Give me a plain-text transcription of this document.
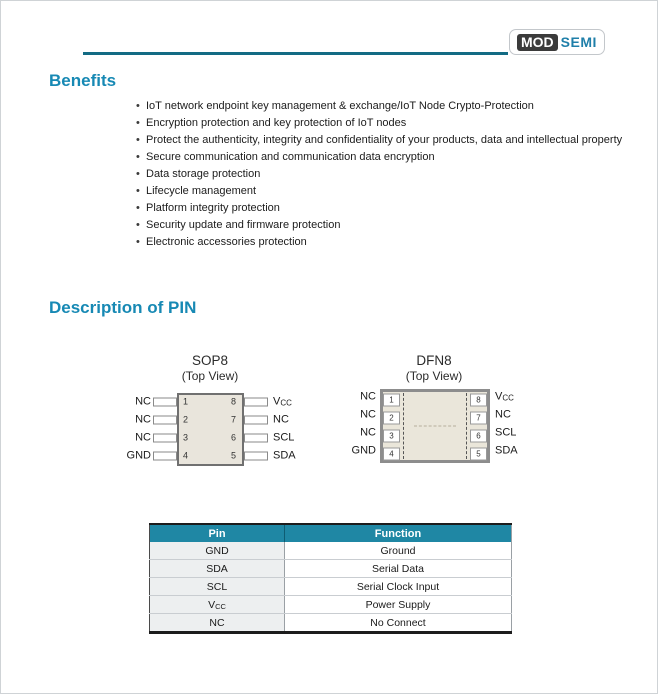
MOD SEMI
Benefits
• IoT network endpoint key management & exchange/IoT Node Crypto-Protection
• Encryption protection and key protection of IoT nodes
• Protect the authenticity, integrity and confidentiality of your products, data and intellectual property
• Secure communication and communication data encryption
• Data storage protection
• Lifecycle management
• Platform integrity protection
• Security update and firmware protection
• Electronic accessories protection
Description of PIN
SOP8
(Top View)
1
2
3
4
8
7
6
5
NC
NC
NC
GND
$V_{CC}$
NC
SCL
SDA
DFN8
(Top View)
1
2
3
4
8
7
6
5
NC
NC
NC
GND
$V_{CC}$
NC
SCL
SDA
Pin	Function
GND	Ground
SDA	Serial Data
SCL	Serial Clock Input
$V_{CC}$	Power Supply
NC	No Connect
